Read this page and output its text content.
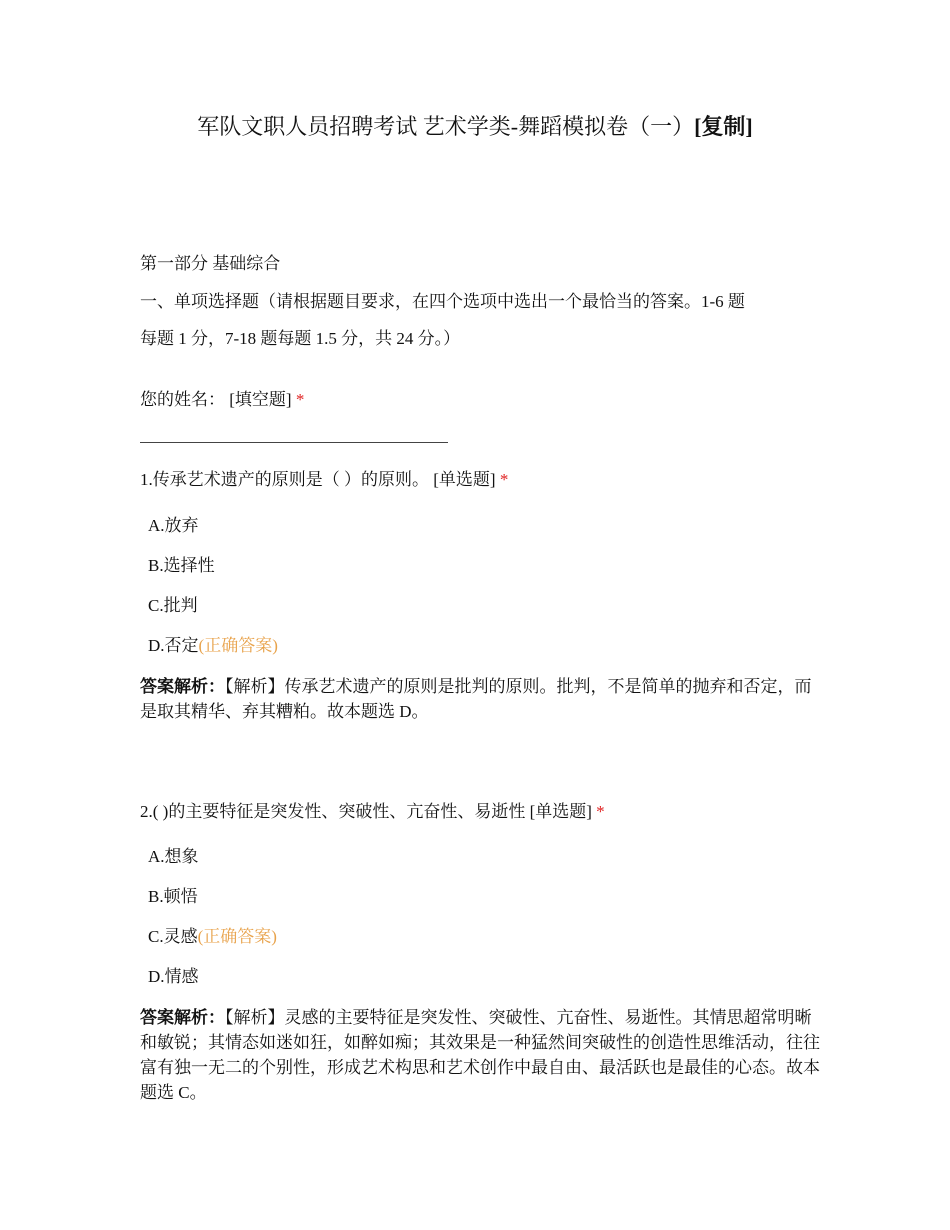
军队文职人员招聘考试 艺术学类-舞蹈模拟卷（一）[复制]
第一部分 基础综合
一、单项选择题（请根据题目要求，在四个选项中选出一个最恰当的答案。1-6 题
每题 1 分，7-18 题每题 1.5 分，共 24 分。）
您的姓名： [填空题] *
1.传承艺术遗产的原则是（ ）的原则。 [单选题] *
A.放弃
B.选择性
C.批判
D.否定(正确答案)
答案解析：【解析】传承艺术遗产的原则是批判的原则。批判，不是简单的抛弃和否定，而是取其精华、弃其糟粕。故本题选 D。
2.( )的主要特征是突发性、突破性、亢奋性、易逝性 [单选题] *
A.想象
B.顿悟
C.灵感(正确答案)
D.情感
答案解析：【解析】灵感的主要特征是突发性、突破性、亢奋性、易逝性。其情思超常明晰和敏锐；其情态如迷如狂，如醉如痴；其效果是一种猛然间突破性的创造性思维活动，往往富有独一无二的个别性，形成艺术构思和艺术创作中最自由、最活跃也是最佳的心态。故本题选 C。
